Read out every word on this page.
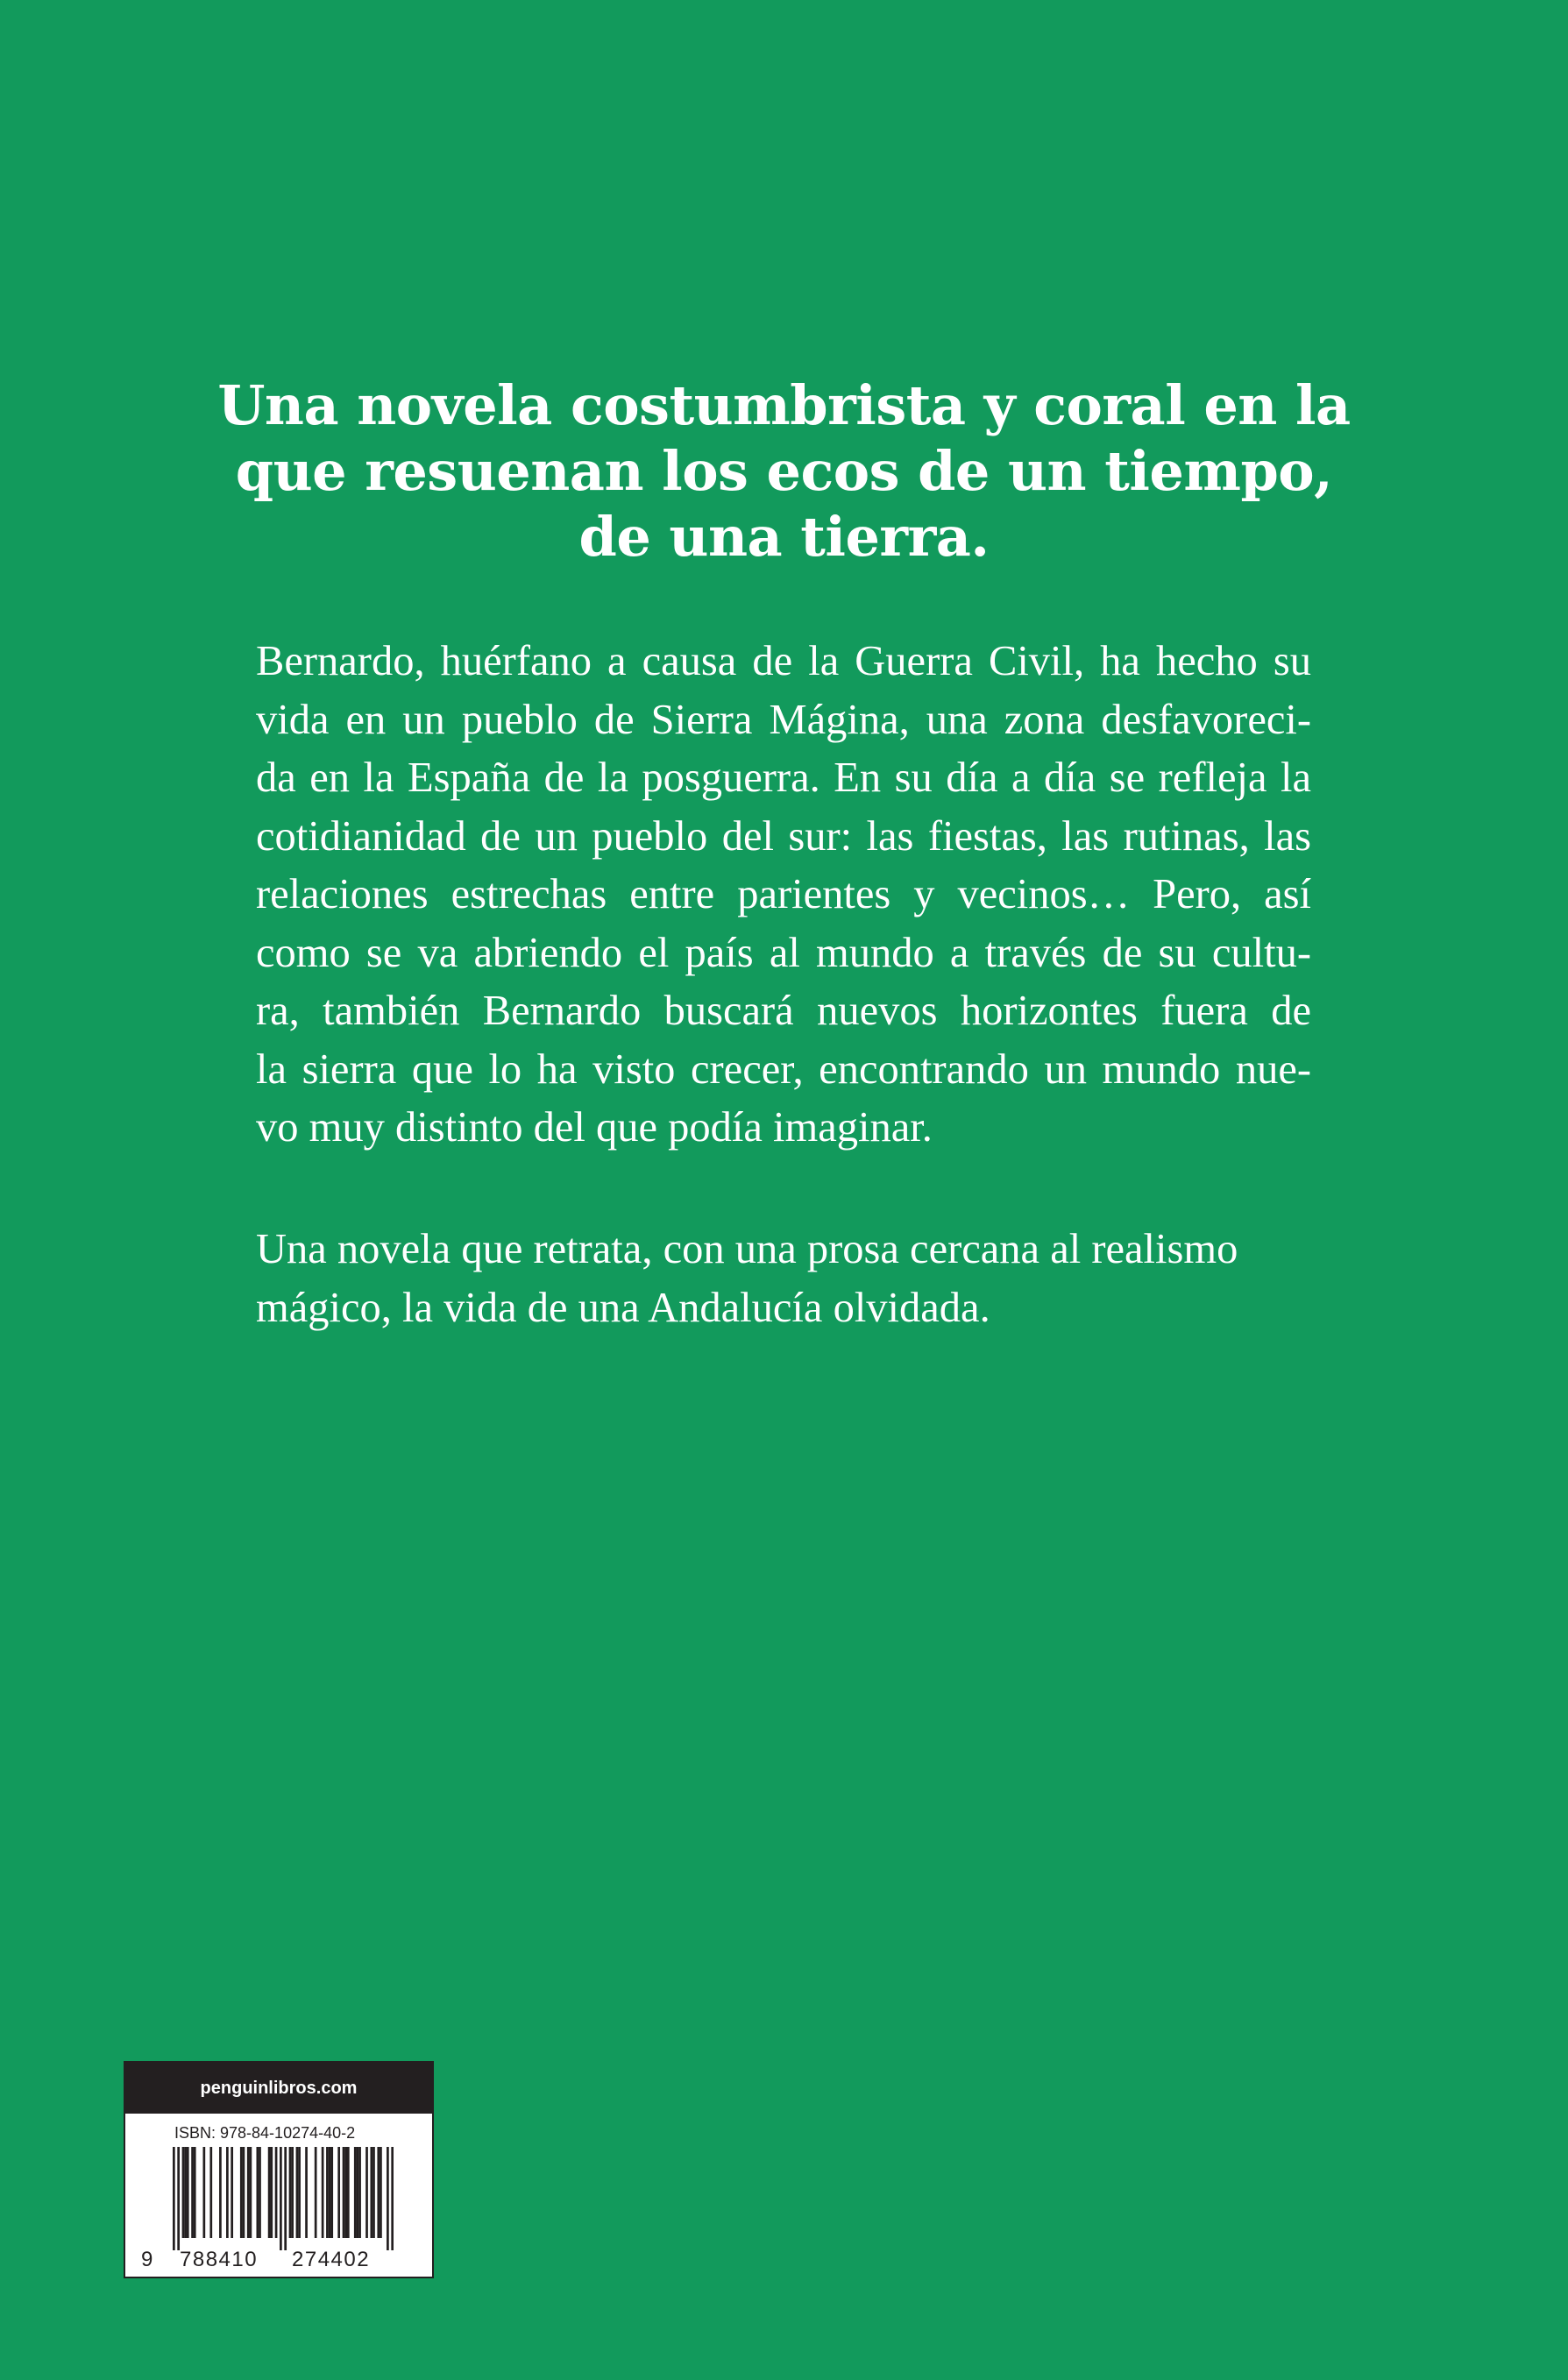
Una novela costumbrista y coral en la
que resuenan los ecos de un tiempo,
de una tierra.
Bernardo, huérfano a causa de la Guerra Civil, ha hecho su
vida en un pueblo de Sierra Mágina, una zona desfavoreci-
da en la España de la posguerra. En su día a día se refleja la
cotidianidad de un pueblo del sur: las fiestas, las rutinas, las
relaciones estrechas entre parientes y vecinos… Pero, así
como se va abriendo el país al mundo a través de su cultu-
ra, también Bernardo buscará nuevos horizontes fuera de
la sierra que lo ha visto crecer, encontrando un mundo nue-
vo muy distinto del que podía imaginar.
Una novela que retrata, con una prosa cercana al realismo
mágico, la vida de una Andalucía olvidada.
penguinlibros.com
ISBN: 978-84-10274-40-2
9 788410 274402
